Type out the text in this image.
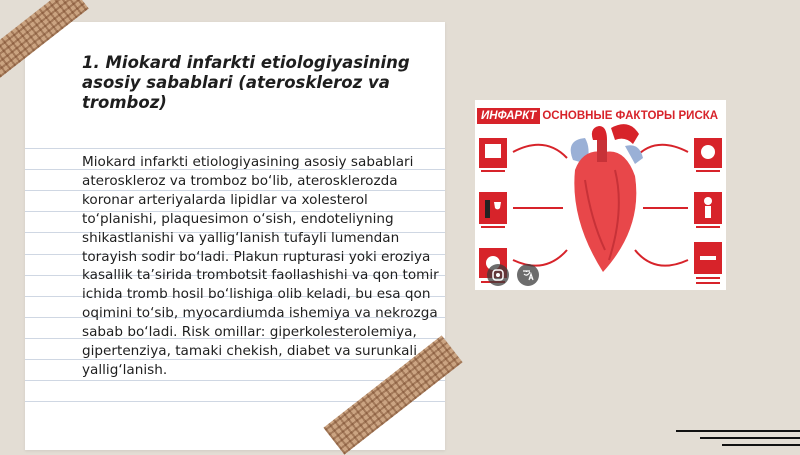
1. Miokard infarkti etiologiyasining asosiy sabablari (ateroskleroz va tromboz)
Miokard infarkti etiologiyasining asosiy sabablari ateroskleroz va tromboz bo‘lib, aterosklerozda koronar arteriyalarda lipidlar va xolesterol to‘planishi, plaquesimon o‘sish, endoteliyning shikastlanishi va yallig‘lanish tufayli lumendan torayish sodir bo‘ladi. Plakun rupturasi yoki eroziya kasallik ta’sirida trombotsit faollashishi va qon tomir ichida tromb hosil bo‘lishiga olib keladi, bu esa qon oqimini to‘sib, myocardiumda ishemiya va nekrozga sabab bo‘ladi. Risk omillar: giperkolesterolemiya, gipertenziya, tamaki chekish, diabet va surunkali yallig‘lanish.
ИНФАРКТ ОСНОВНЫЕ ФАКТОРЫ РИСКА
